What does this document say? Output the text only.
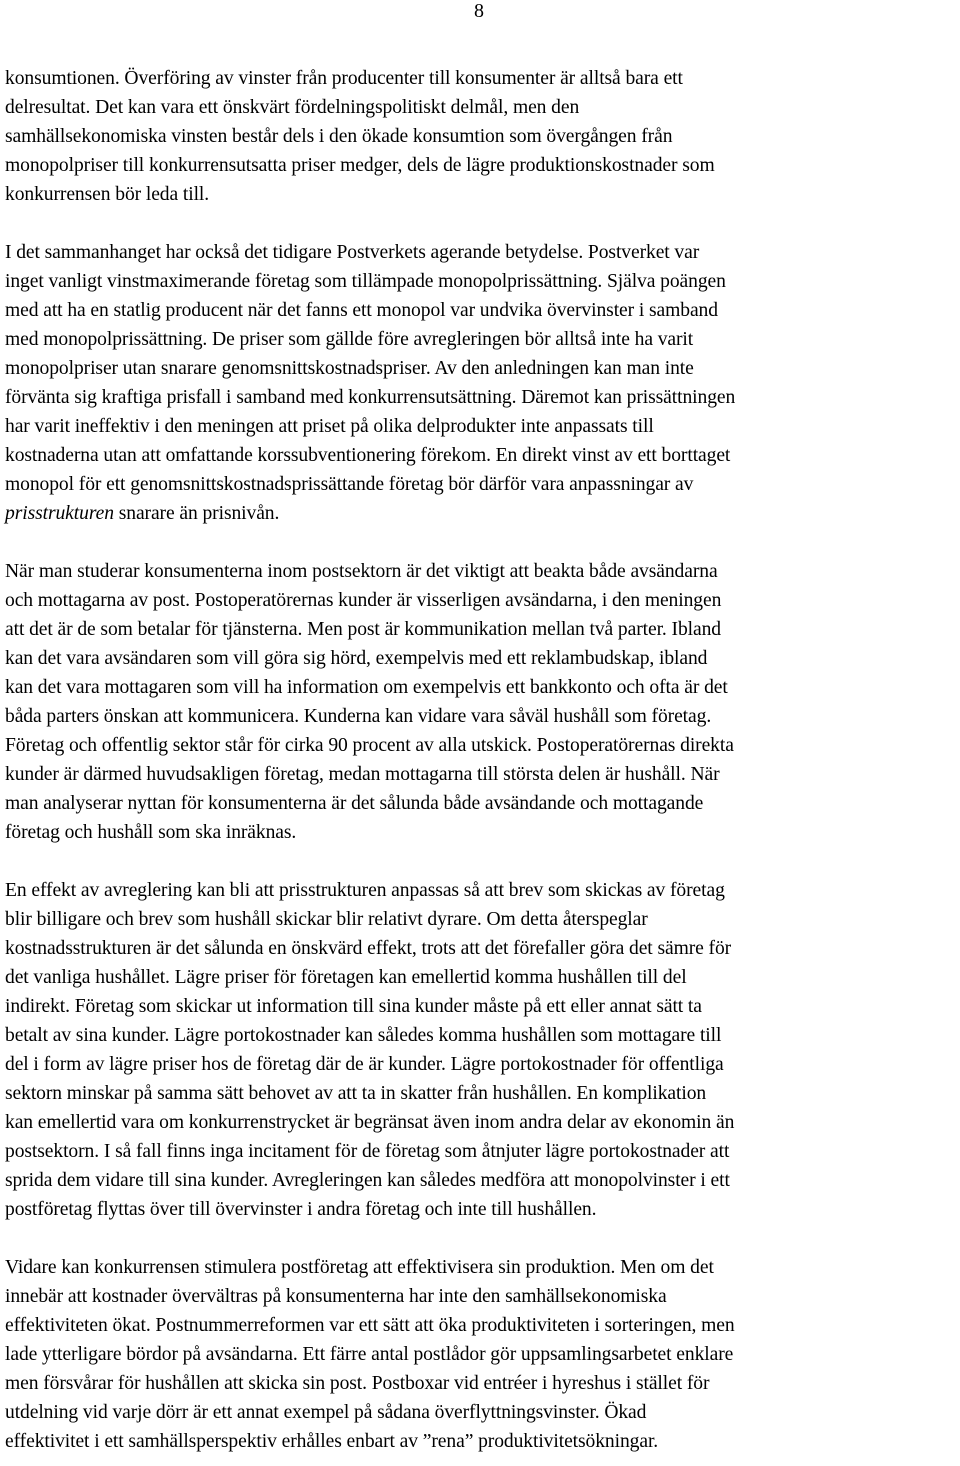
8

konsumtionen. Överföring av vinster från producenter till konsumenter är alltså bara ett
delresultat. Det kan vara ett önskvärt fördelningspolitiskt delmål, men den
samhällsekonomiska vinsten består dels i den ökade konsumtion som övergången från
monopolpriser till konkurrensutsatta priser medger, dels de lägre produktionskostnader som
konkurrensen bör leda till.

I det sammanhanget har också det tidigare Postverkets agerande betydelse. Postverket var
inget vanligt vinstmaximerande företag som tillämpade monopolprissättning. Själva poängen
med att ha en statlig producent när det fanns ett monopol var undvika övervinster i samband
med monopolprissättning. De priser som gällde före avregleringen bör alltså inte ha varit
monopolpriser utan snarare genomsnittskostnadspriser. Av den anledningen kan man inte
förvänta sig kraftiga prisfall i samband med konkurrensutsättning. Däremot kan prissättningen
har varit ineffektiv i den meningen att priset på olika delprodukter inte anpassats till
kostnaderna utan att omfattande korssubventionering förekom. En direkt vinst av ett borttaget
monopol för ett genomsnittskostnadsprissättande företag bör därför vara anpassningar av
prisstrukturen snarare än prisnivån.

När man studerar konsumenterna inom postsektorn är det viktigt att beakta både avsändarna
och mottagarna av post. Postoperatörernas kunder är visserligen avsändarna, i den meningen
att det är de som betalar för tjänsterna. Men post är kommunikation mellan två parter. Ibland
kan det vara avsändaren som vill göra sig hörd, exempelvis med ett reklambudskap, ibland
kan det vara mottagaren som vill ha information om exempelvis ett bankkonto och ofta är det
båda parters önskan att kommunicera. Kunderna kan vidare vara såväl hushåll som företag.
Företag och offentlig sektor står för cirka 90 procent av alla utskick. Postoperatörernas direkta
kunder är därmed huvudsakligen företag, medan mottagarna till största delen är hushåll. När
man analyserar nyttan för konsumenterna är det sålunda både avsändande och mottagande
företag och hushåll som ska inräknas.

En effekt av avreglering kan bli att prisstrukturen anpassas så att brev som skickas av företag
blir billigare och brev som hushåll skickar blir relativt dyrare. Om detta återspeglar
kostnadsstrukturen är det sålunda en önskvärd effekt, trots att det förefaller göra det sämre för
det vanliga hushållet. Lägre priser för företagen kan emellertid komma hushållen till del
indirekt. Företag som skickar ut information till sina kunder måste på ett eller annat sätt ta
betalt av sina kunder. Lägre portokostnader kan således komma hushållen som mottagare till
del i form av lägre priser hos de företag där de är kunder. Lägre portokostnader för offentliga
sektorn minskar på samma sätt behovet av att ta in skatter från hushållen. En komplikation
kan emellertid vara om konkurrenstrycket är begränsat även inom andra delar av ekonomin än
postsektorn. I så fall finns inga incitament för de företag som åtnjuter lägre portokostnader att
sprida dem vidare till sina kunder. Avregleringen kan således medföra att monopolvinster i ett
postföretag flyttas över till övervinster i andra företag och inte till hushållen.

Vidare kan konkurrensen stimulera postföretag att effektivisera sin produktion. Men om det
innebär att kostnader övervältras på konsumenterna har inte den samhällsekonomiska
effektiviteten ökat. Postnummerreformen var ett sätt att öka produktiviteten i sorteringen, men
lade ytterligare bördor på avsändarna. Ett färre antal postlådor gör uppsamlingsarbetet enklare
men försvårar för hushållen att skicka sin post. Postboxar vid entréer i hyreshus i stället för
utdelning vid varje dörr är ett annat exempel på sådana överflyttningsvinster. Ökad
effektivitet i ett samhällsperspektiv erhålles enbart av ”rena” produktivitetsökningar.
